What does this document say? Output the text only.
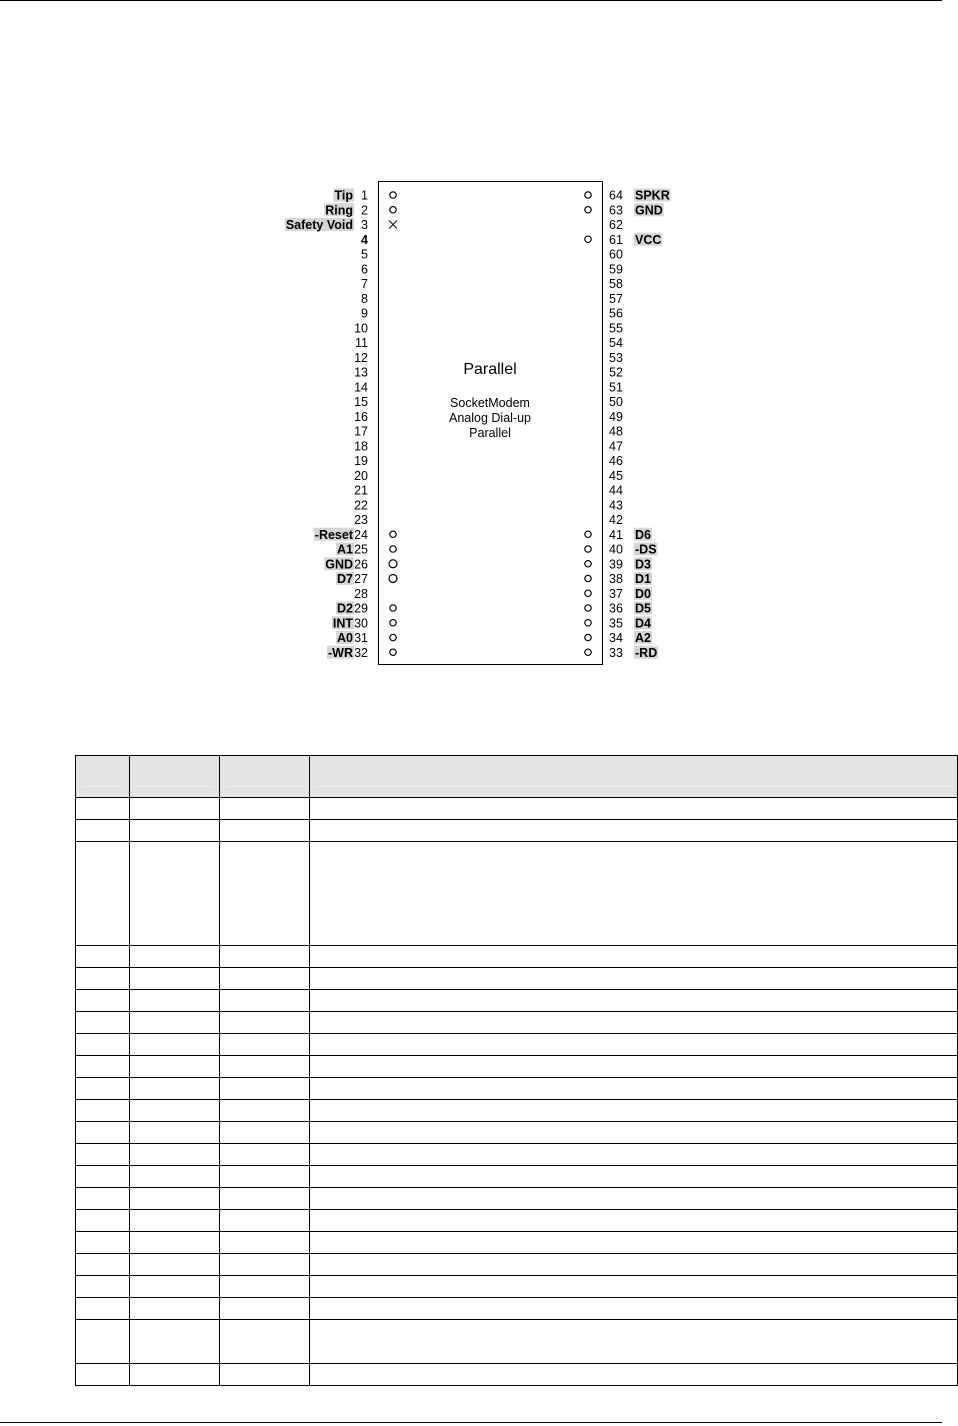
Parallel
SocketModem
Analog Dial-up
Parallel
1
Tip
2
Ring
3
Safety Void
4
5
6
7
8
9
10
11
12
13
14
15
16
17
18
19
20
21
22
23
24
-Reset
25
A1
26
GND
27
D7
28
29
D2
30
INT
31
A0
32
-WR
64 SPKR
63 GND
62
61 VCC
60
59
58
57
56
55
54
53
52
51
50
49
48
47
46
45
44
43
42
41 D6
40 -DS
39 D3
38 D1
37 D0
36 D5
35 D4
34 A2
33 -RD
